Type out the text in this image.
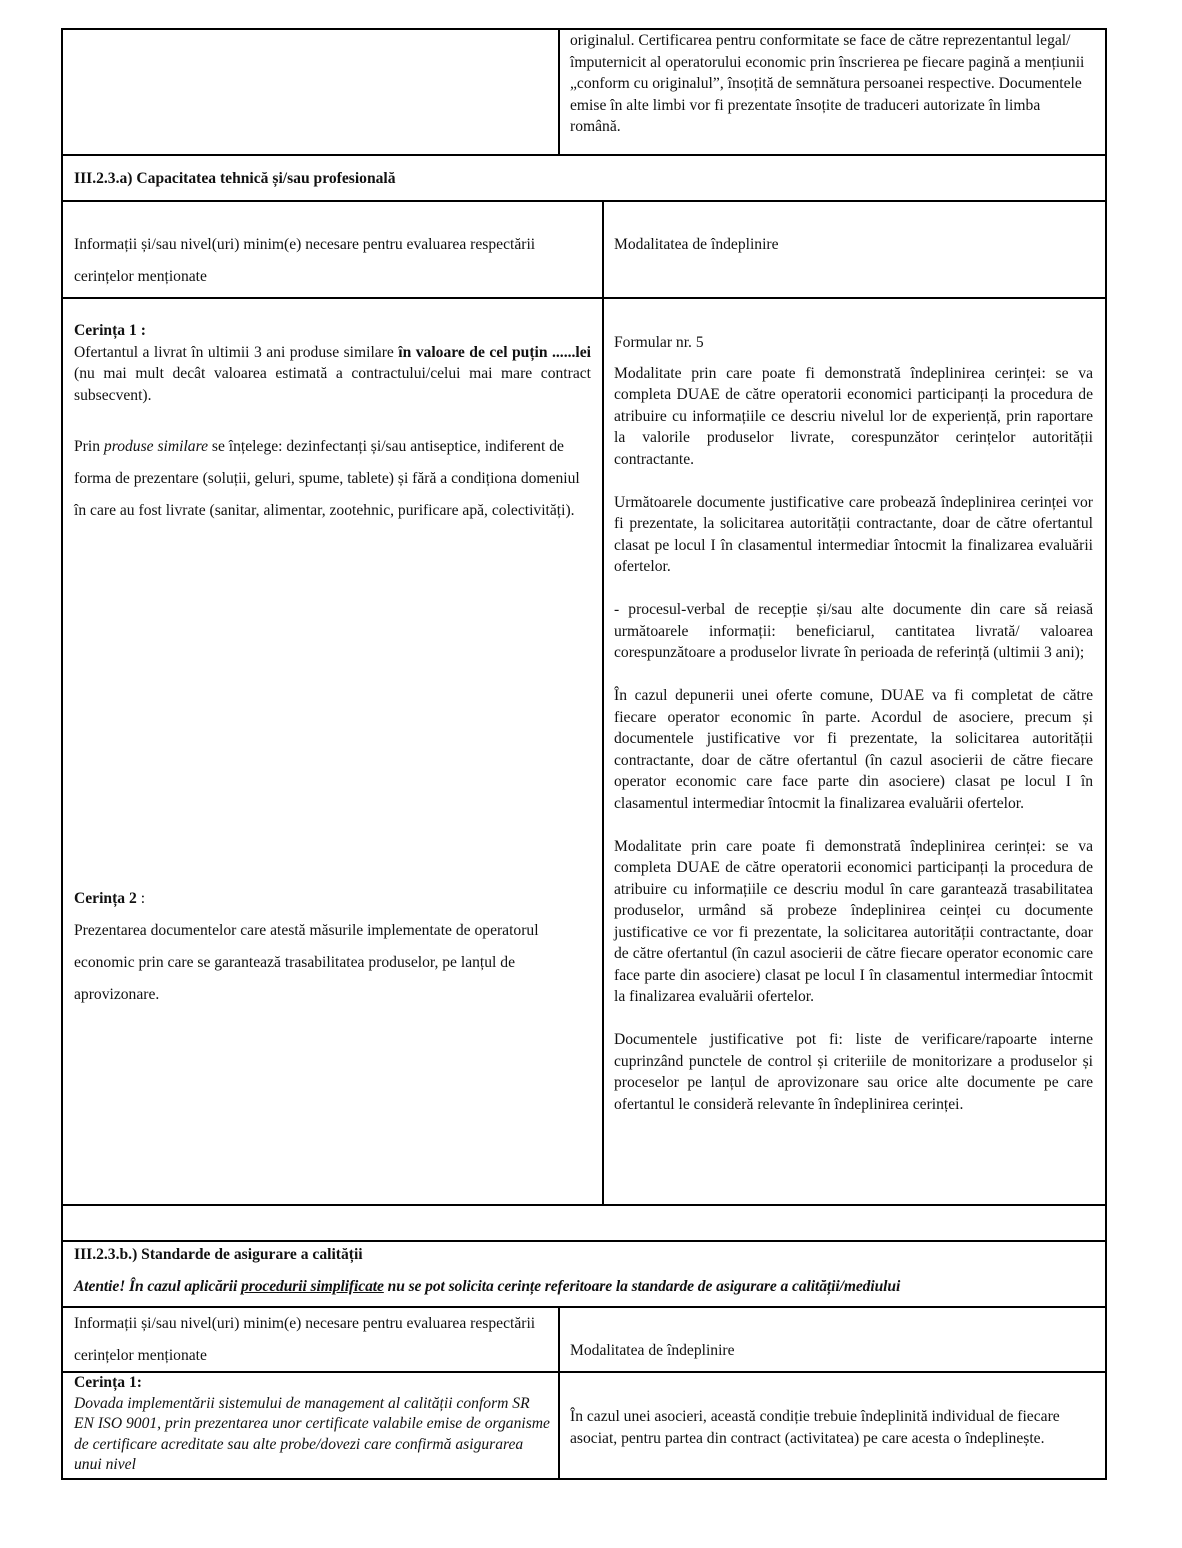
originalul. Certificarea pentru conformitate se face de către reprezentantul legal/împuternicit al operatorului economic prin înscrierea pe fiecare pagină a mențiunii „conform cu originalul”, însoțită de semnătura persoanei respective. Documentele emise în alte limbi vor fi prezentate însoțite de traduceri autorizate în limba română.
III.2.3.a) Capacitatea tehnică și/sau profesională
Informații și/sau nivel(uri) minim(e) necesare pentru evaluarea respectării cerințelor menționate
Modalitatea de îndeplinire

Cerința 1 :

Ofertantul a livrat în ultimii 3 ani produse similare în valoare de cel puțin ......lei (nu mai mult decât valoarea estimată a contractului/celui mai mare contract subsecvent).

Prin produse similare se înțelege: dezinfectanți și/sau antiseptice, indiferent de forma de prezentare (soluții, geluri, spume, tablete) și fără a condiționa domeniul în care au fost livrate (sanitar, alimentar, zootehnic, purificare apă, colectivități).

Cerința 2 :

Prezentarea documentelor care atestă măsurile implementate de operatorul economic prin care se garantează trasabilitatea produselor, pe lanțul de aprovizonare.

Formular nr. 5

Modalitate prin care poate fi demonstrată îndeplinirea cerinței: se va completa DUAE de către operatorii economici participanți la procedura de atribuire cu informațiile ce descriu nivelul lor de experiență, prin raportare la valorile produselor livrate, corespunzător cerințelor autorității contractante.

Următoarele documente justificative care probează îndeplinirea cerinței vor fi prezentate, la solicitarea autorității contractante, doar de către ofertantul clasat pe locul I în clasamentul intermediar întocmit la finalizarea evaluării ofertelor.

- procesul-verbal de recepție și/sau alte documente din care să reiasă următoarele informații: beneficiarul, cantitatea livrată/ valoarea corespunzătoare a produselor livrate în perioada de referință (ultimii 3 ani);

În cazul depunerii unei oferte comune, DUAE va fi completat de către fiecare operator economic în parte. Acordul de asociere, precum și documentele justificative vor fi prezentate, la solicitarea autorității contractante, doar de către ofertantul (în cazul asocierii de către fiecare operator economic care face parte din asociere) clasat pe locul I în clasamentul intermediar întocmit la finalizarea evaluării ofertelor.

Modalitate prin care poate fi demonstrată îndeplinirea cerinței: se va completa DUAE de către operatorii economici participanți la procedura de atribuire cu informațiile ce descriu modul în care garantează trasabilitatea produselor, urmând să probeze îndeplinirea ceinței cu documente justificative ce vor fi prezentate, la solicitarea autorității contractante, doar de către ofertantul (în cazul asocierii de către fiecare operator economic care face parte din asociere) clasat pe locul I în clasamentul intermediar întocmit la finalizarea evaluării ofertelor.

Documentele justificative pot fi: liste de verificare/rapoarte interne cuprinzând punctele de control și criteriile de monitorizare a produselor și proceselor pe lanțul de aprovizonare sau orice alte documente pe care ofertantul le consideră relevante în îndeplinirea cerinței.

III.2.3.b.) Standarde de asigurare a calității
Atentie! În cazul aplicării procedurii simplificate nu se pot solicita cerințe referitoare la standarde de asigurare a calității/mediului
Informații și/sau nivel(uri) minim(e) necesare pentru evaluarea respectării cerințelor menționate	Modalitatea de îndeplinire

Cerința 1:

Dovada implementării sistemului de management al calității conform SR EN ISO 9001, prin prezentarea unor certificate valabile emise de organisme de certificare acreditate sau alte probe/dovezi care confirmă asigurarea unui nivel

În cazul unei asocieri, această condiție trebuie îndeplinită individual de fiecare asociat, pentru partea din contract (activitatea) pe care acesta o îndeplinește.
